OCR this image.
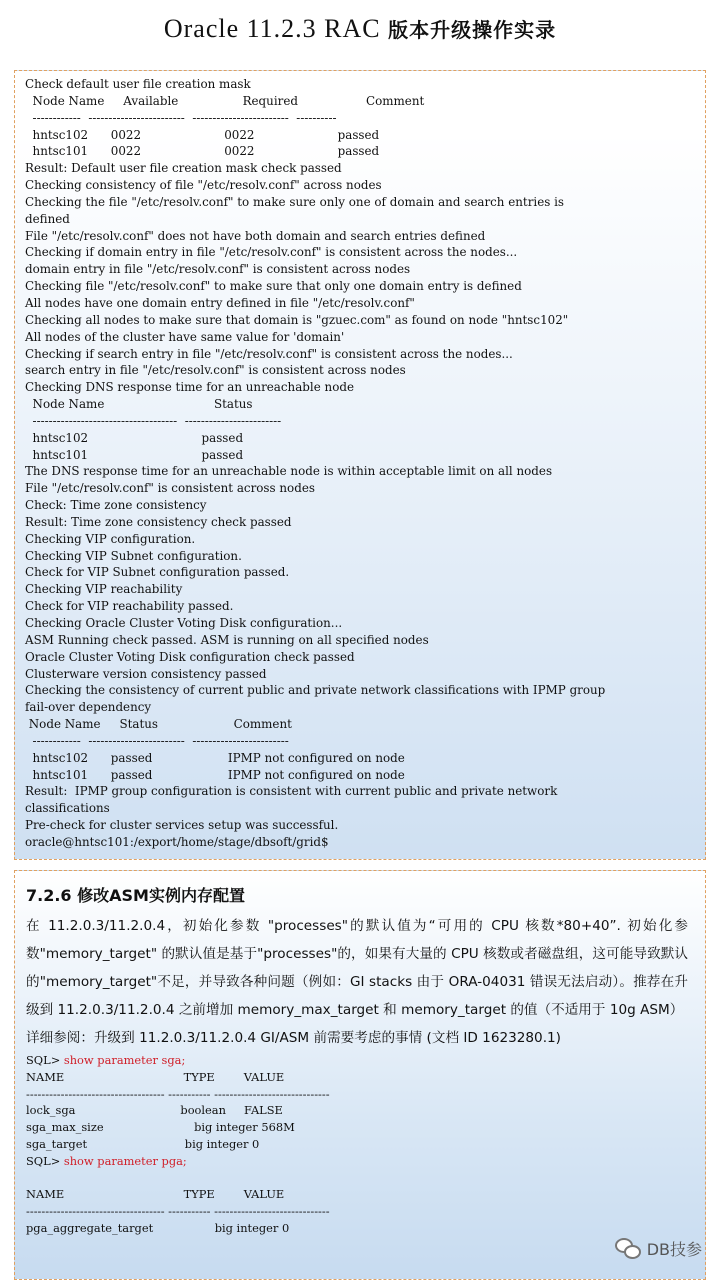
Oracle 11.2.3 RAC 版本升级操作实录
Check default user file creation mask
Node Name     Available                 Required                  Comment
------------  ------------------------  ------------------------  ----------
hntsc102      0022                      0022                      passed
hntsc101      0022                      0022                      passed
Result: Default user file creation mask check passed
Checking consistency of file "/etc/resolv.conf" across nodes
Checking the file "/etc/resolv.conf" to make sure only one of domain and search entries is
defined
File "/etc/resolv.conf" does not have both domain and search entries defined
Checking if domain entry in file "/etc/resolv.conf" is consistent across the nodes...
domain entry in file "/etc/resolv.conf" is consistent across nodes
Checking file "/etc/resolv.conf" to make sure that only one domain entry is defined
All nodes have one domain entry defined in file "/etc/resolv.conf"
Checking all nodes to make sure that domain is "gzuec.com" as found on node "hntsc102"
All nodes of the cluster have same value for 'domain'
Checking if search entry in file "/etc/resolv.conf" is consistent across the nodes...
search entry in file "/etc/resolv.conf" is consistent across nodes
Checking DNS response time for an unreachable node
Node Name                             Status
------------------------------------  ------------------------
hntsc102                              passed
hntsc101                              passed
The DNS response time for an unreachable node is within acceptable limit on all nodes
File "/etc/resolv.conf" is consistent across nodes
Check: Time zone consistency
Result: Time zone consistency check passed
Checking VIP configuration.
Checking VIP Subnet configuration.
Check for VIP Subnet configuration passed.
Checking VIP reachability
Check for VIP reachability passed.
Checking Oracle Cluster Voting Disk configuration...
ASM Running check passed. ASM is running on all specified nodes
Oracle Cluster Voting Disk configuration check passed
Clusterware version consistency passed
Checking the consistency of current public and private network classifications with IPMP group
fail-over dependency
Node Name     Status                    Comment
------------  ------------------------  ------------------------
hntsc102      passed                    IPMP not configured on node
hntsc101      passed                    IPMP not configured on node
Result:  IPMP group configuration is consistent with current public and private network
classifications
Pre-check for cluster services setup was successful.
oracle@hntsc101:/export/home/stage/dbsoft/grid$
7.2.6 修改ASM实例内存配置

在 11.2.0.3/11.2.0.4，初始化参数 "processes"的默认值为“可用的 CPU 核数*80+40”. 初始化参数"memory_target" 的默认值是基于"processes"的，如果有大量的 CPU 核数或者磁盘组，这可能导致默认的"memory_target"不足，并导致各种问题（例如：GI stacks 由于 ORA-04031 错误无法启动）。推荐在升级到 11.2.0.3/11.2.0.4 之前增加 memory_max_target 和 memory_target 的值（不适用于 10g ASM）

详细参阅：升级到 11.2.0.3/11.2.0.4 GI/ASM 前需要考虑的事情 (文档 ID 1623280.1)

SQL> show parameter sga;
NAME                                 TYPE        VALUE
------------------------------------ ----------- ------------------------------
lock_sga                             boolean     FALSE
sga_max_size                         big integer 568M
sga_target                           big integer 0
SQL> show parameter pga;

NAME                                 TYPE        VALUE
------------------------------------ ----------- ------------------------------
pga_aggregate_target                 big integer 0
DB技参
